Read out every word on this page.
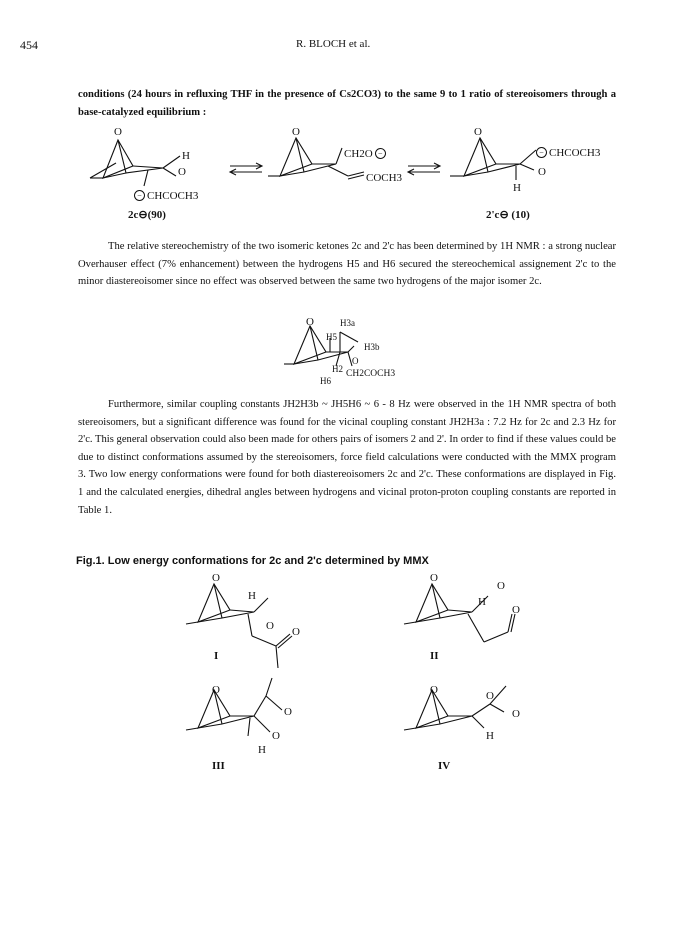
454	R. BLOCH et al.
conditions (24 hours in refluxing THF in the presence of Cs2CO3) to the same 9 to 1 ratio of stereoisomers through a base-catalyzed equilibrium :
O
H
O
− CHCOCH3
O
CH2O −
COCH3
O
− CHCOCH3
O
H
2c⊖(90)	2'c⊖ (10)
The relative stereochemistry of the two isomeric ketones 2c and 2'c has been determined by 1H NMR : a strong nuclear Overhauser effect (7% enhancement) between the hydrogens H5 and H6 secured the stereochemical assignement 2'c to the minor diastereoisomer since no effect was observed between the same two hydrogens of the major isomer 2c.
O	H3a
H5
H3b
O
H2
H6
CH2COCH3
Furthermore, similar coupling constants JH2H3b ~ JH5H6 ~ 6 - 8 Hz were observed in the 1H NMR spectra of both stereoisomers, but a significant difference was found for the vicinal coupling constant JH2H3a : 7.2 Hz for 2c and 2.3 Hz for 2'c. This general observation could also been made for others pairs of isomers 2 and 2'. In order to find if these values could be due to distinct conformations assumed by the stereoisomers, force field calculations were conducted with the MMX program 3. Two low energy conformations were found for both diastereoisomers 2c and 2'c. These conformations are displayed in Fig. 1 and the calculated energies, dihedral angles between hydrogens and vicinal proton-proton coupling constants are reported in Table 1.
Fig.1. Low energy conformations for 2c and 2'c determined by MMX
O
H
O O
I
O
H
O
O
II
O
H
O
O
III
O
H
O
O
IV
